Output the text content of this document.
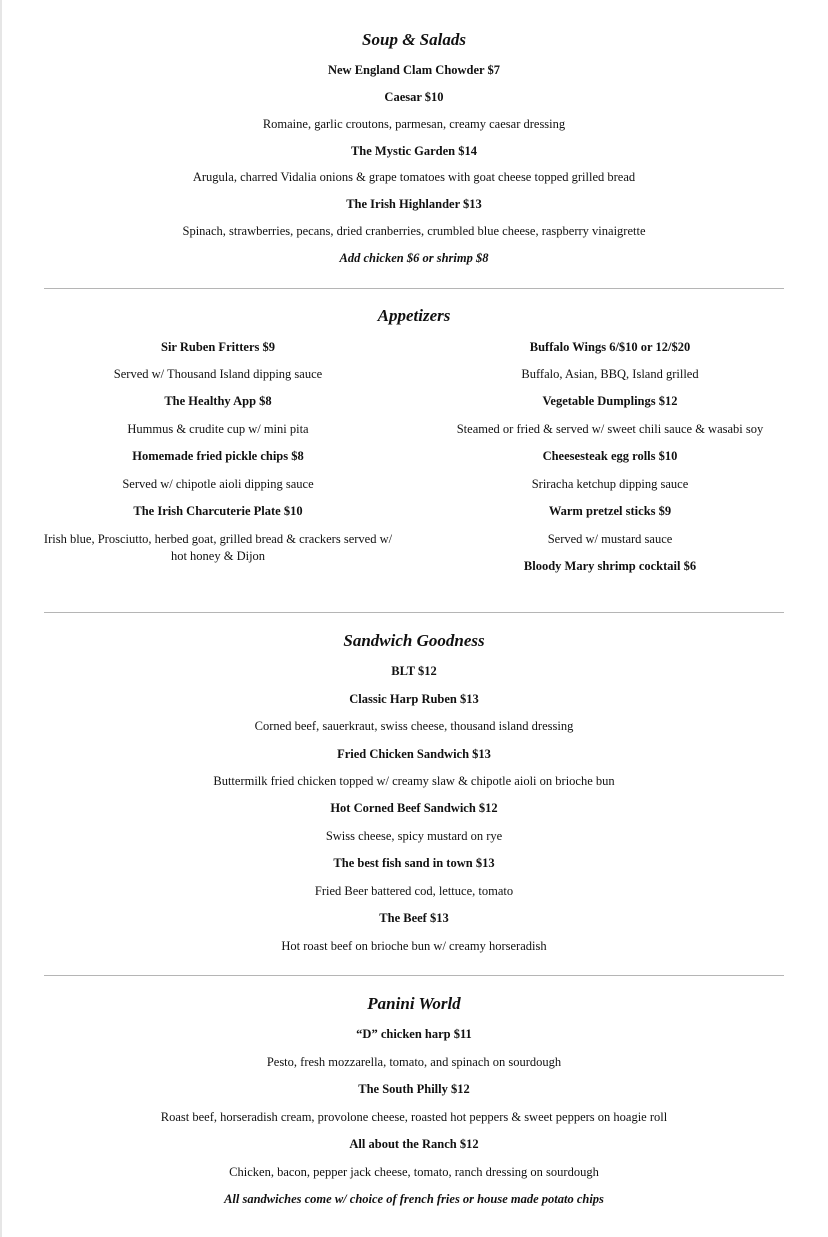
Soup & Salads
New England Clam Chowder $7
Caesar $10
Romaine, garlic croutons, parmesan, creamy caesar dressing
The Mystic Garden $14
Arugula, charred Vidalia onions & grape tomatoes with goat cheese topped grilled bread
The Irish Highlander $13
Spinach, strawberries, pecans, dried cranberries, crumbled blue cheese, raspberry vinaigrette
Add chicken $6 or shrimp $8
Appetizers
Sir Ruben Fritters $9
Served w/ Thousand Island dipping sauce
The Healthy App $8
Hummus & crudite cup w/ mini pita
Homemade fried pickle chips $8
Served w/ chipotle aioli dipping sauce
The Irish Charcuterie Plate $10
Irish blue, Prosciutto, herbed goat, grilled bread & crackers served w/ hot honey & Dijon
Buffalo Wings 6/$10 or 12/$20
Buffalo, Asian, BBQ, Island grilled
Vegetable Dumplings $12
Steamed or fried & served w/ sweet chili sauce & wasabi soy
Cheesesteak egg rolls $10
Sriracha ketchup dipping sauce
Warm pretzel sticks $9
Served w/ mustard sauce
Bloody Mary shrimp cocktail $6
Sandwich Goodness
BLT $12
Classic Harp Ruben $13
Corned beef, sauerkraut, swiss cheese, thousand island dressing
Fried Chicken Sandwich $13
Buttermilk fried chicken topped w/ creamy slaw & chipotle aioli on brioche bun
Hot Corned Beef Sandwich $12
Swiss cheese, spicy mustard on rye
The best fish sand in town $13
Fried Beer battered cod, lettuce, tomato
The Beef $13
Hot roast beef on brioche bun w/ creamy horseradish
Panini World
“D” chicken harp $11
Pesto, fresh mozzarella, tomato, and spinach on sourdough
The South Philly $12
Roast beef, horseradish cream, provolone cheese, roasted hot peppers & sweet peppers on hoagie roll
All about the Ranch $12
Chicken, bacon, pepper jack cheese, tomato, ranch dressing on sourdough
All sandwiches come w/ choice of french fries or house made potato chips
